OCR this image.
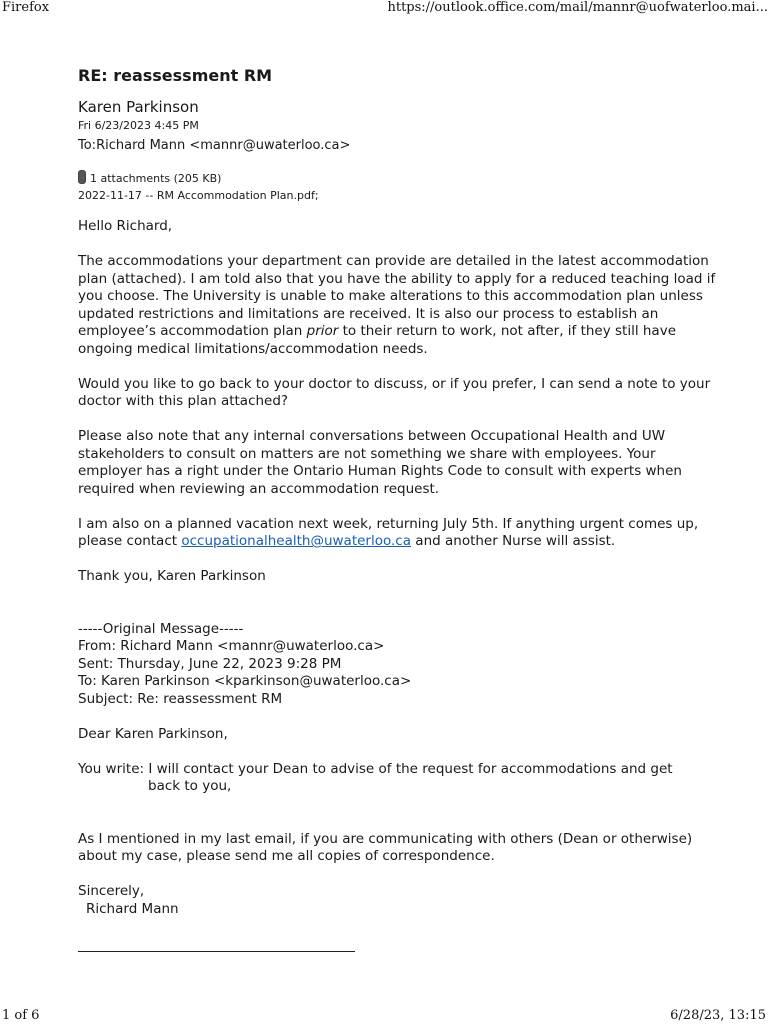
Firefox	https://outlook.office.com/mail/mannr@uofwaterloo.mai...
RE: reassessment RM
Karen Parkinson
Fri 6/23/2023 4:45 PM
To:Richard Mann <mannr@uwaterloo.ca>
1 attachments (205 KB)
2022-11-17 -- RM Accommodation Plan.pdf;

Hello Richard,

The accommodations your department can provide are detailed in the latest accommodation plan (attached). I am told also that you have the ability to apply for a reduced teaching load if you choose. The University is unable to make alterations to this accommodation plan unless updated restrictions and limitations are received. It is also our process to establish an employee’s accommodation plan prior to their return to work, not after, if they still have ongoing medical limitations/accommodation needs.

Would you like to go back to your doctor to discuss, or if you prefer, I can send a note to your doctor with this plan attached?

Please also note that any internal conversations between Occupational Health and UW stakeholders to consult on matters are not something we share with employees. Your employer has a right under the Ontario Human Rights Code to consult with experts when required when reviewing an accommodation request.

I am also on a planned vacation next week, returning July 5th. If anything urgent comes up, please contact occupationalhealth@uwaterloo.ca and another Nurse will assist.

Thank you, Karen Parkinson

-----Original Message-----
From: Richard Mann <mannr@uwaterloo.ca>
Sent: Thursday, June 22, 2023 9:28 PM
To: Karen Parkinson <kparkinson@uwaterloo.ca>
Subject: Re: reassessment RM

Dear Karen Parkinson,

You write: I will contact your Dean to advise of the request for accommodations and get
back to you,

As I mentioned in my last email, if you are communicating with others (Dean or otherwise) about my case, please send me all copies of correspondence.

Sincerely,
Richard Mann

1 of 6	6/28/23, 13:15
